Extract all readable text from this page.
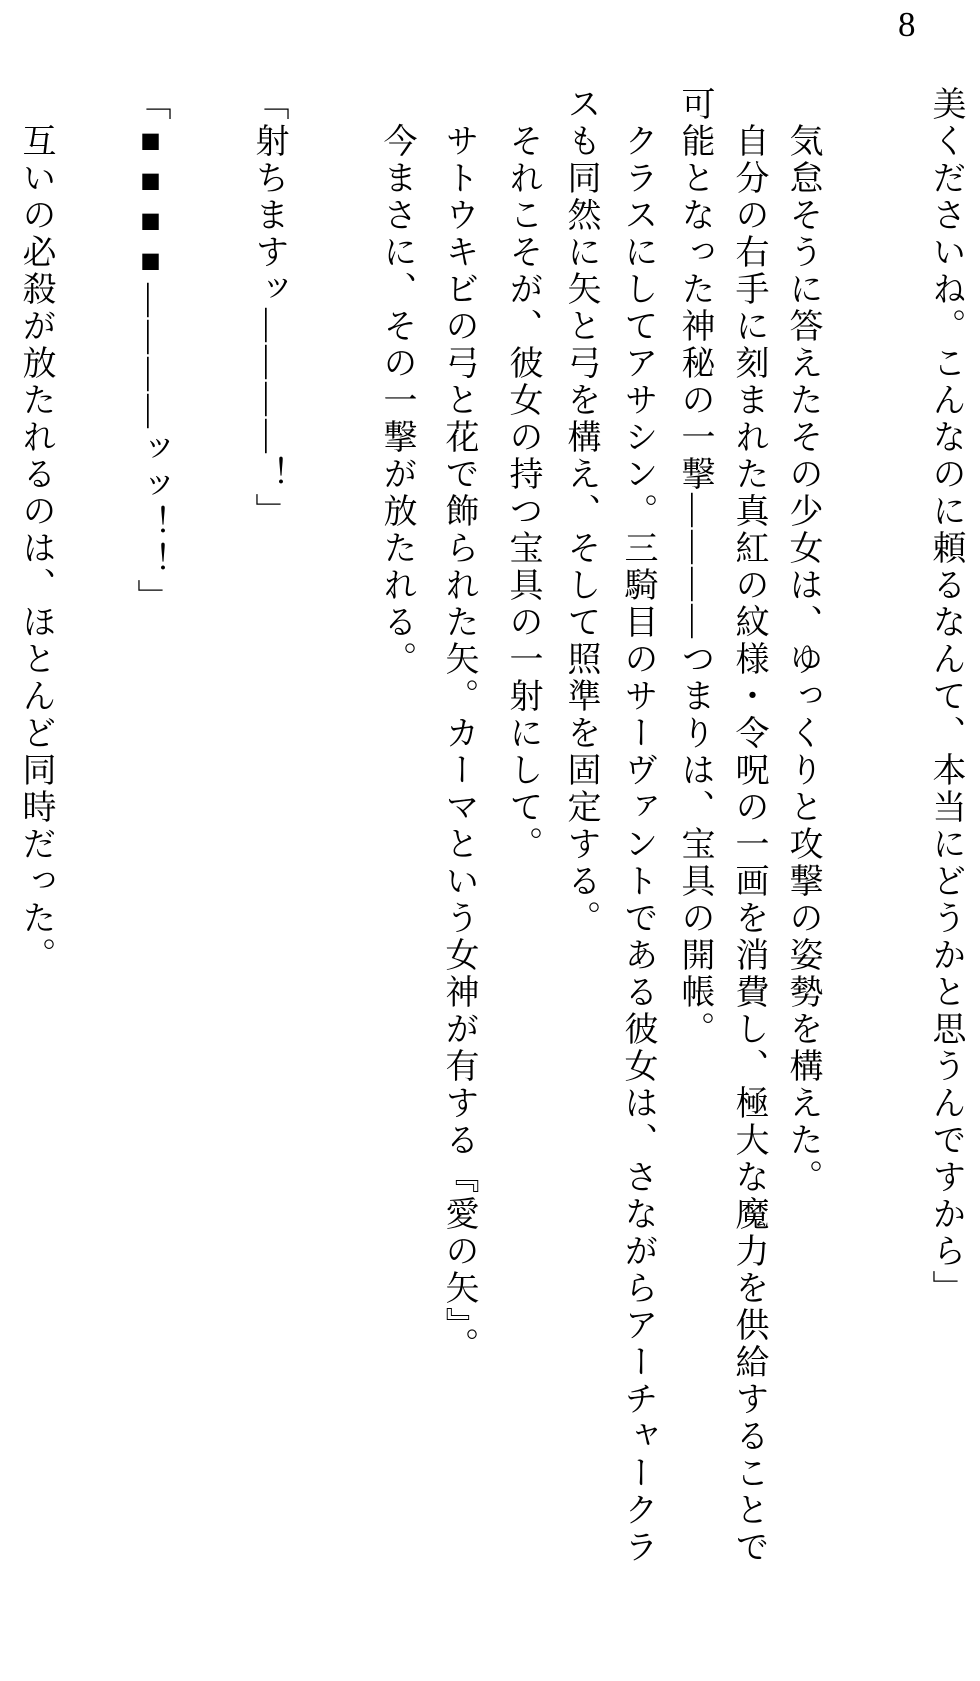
8
美くださいね。こんなのに頼るなんて、本当にどうかと思うんですから」
　気怠そうに答えたその少女は、ゆっくりと攻撃の姿勢を構えた。
　自分の右手に刻まれた真紅の紋様・令呪の一画を消費し、極大な魔力を供給することで
可能となった神秘の一撃――――つまりは、宝具の開帳。
　クラスにしてアサシン。三騎目のサーヴァントである彼女は、さながらアーチャークラ
スも同然に矢と弓を構え、そして照準を固定する。
　それこそが、彼女の持つ宝具の一射にして。
　サトウキビの弓と花で飾られた矢。カーマという女神が有する『愛の矢』。
　今まさに、その一撃が放たれる。
「射ちますッ――――！」
「■■■■――――ッッ！！」
　互いの必殺が放たれるのは、ほとんど同時だった。
